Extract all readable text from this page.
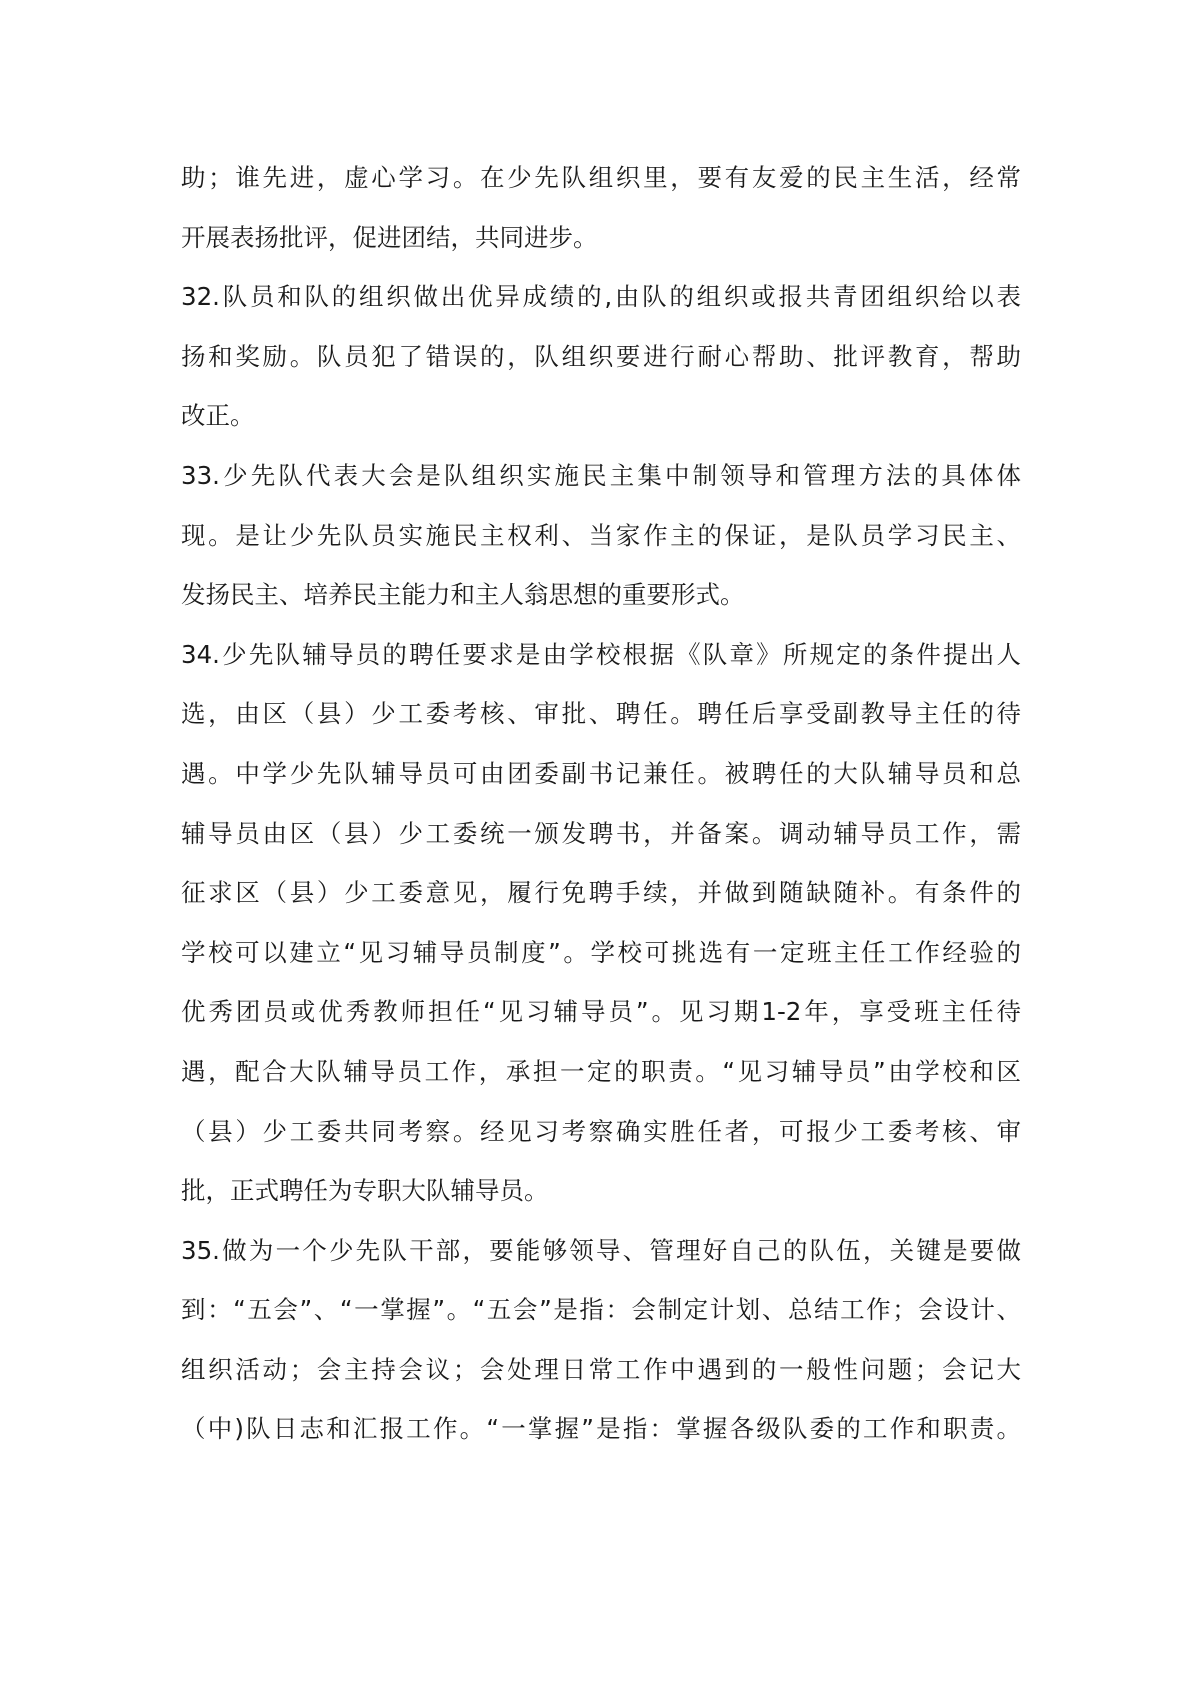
助；谁先进，虚心学习。在少先队组织里，要有友爱的民主生活，经常
开展表扬批评，促进团结，共同进步。
32.队员和队的组织做出优异成绩的,由队的组织或报共青团组织给以表
扬和奖励。队员犯了错误的，队组织要进行耐心帮助、批评教育，帮助
改正。
33.少先队代表大会是队组织实施民主集中制领导和管理方法的具体体
现。是让少先队员实施民主权利、当家作主的保证，是队员学习民主、
发扬民主、培养民主能力和主人翁思想的重要形式。
34.少先队辅导员的聘任要求是由学校根据《队章》所规定的条件提出人
选，由区（县）少工委考核、审批、聘任。聘任后享受副教导主任的待
遇。中学少先队辅导员可由团委副书记兼任。被聘任的大队辅导员和总
辅导员由区（县）少工委统一颁发聘书，并备案。调动辅导员工作，需
征求区（县）少工委意见，履行免聘手续，并做到随缺随补。有条件的
学校可以建立“见习辅导员制度”。学校可挑选有一定班主任工作经验的
优秀团员或优秀教师担任“见习辅导员”。见习期1-2年，享受班主任待
遇，配合大队辅导员工作，承担一定的职责。“见习辅导员”由学校和区
（县）少工委共同考察。经见习考察确实胜任者，可报少工委考核、审
批，正式聘任为专职大队辅导员。
35.做为一个少先队干部，要能够领导、管理好自己的队伍，关键是要做
到：“五会”、“一掌握”。“五会”是指：会制定计划、总结工作；会设计、
组织活动；会主持会议；会处理日常工作中遇到的一般性问题；会记大
（中)队日志和汇报工作。“一掌握”是指：掌握各级队委的工作和职责。
